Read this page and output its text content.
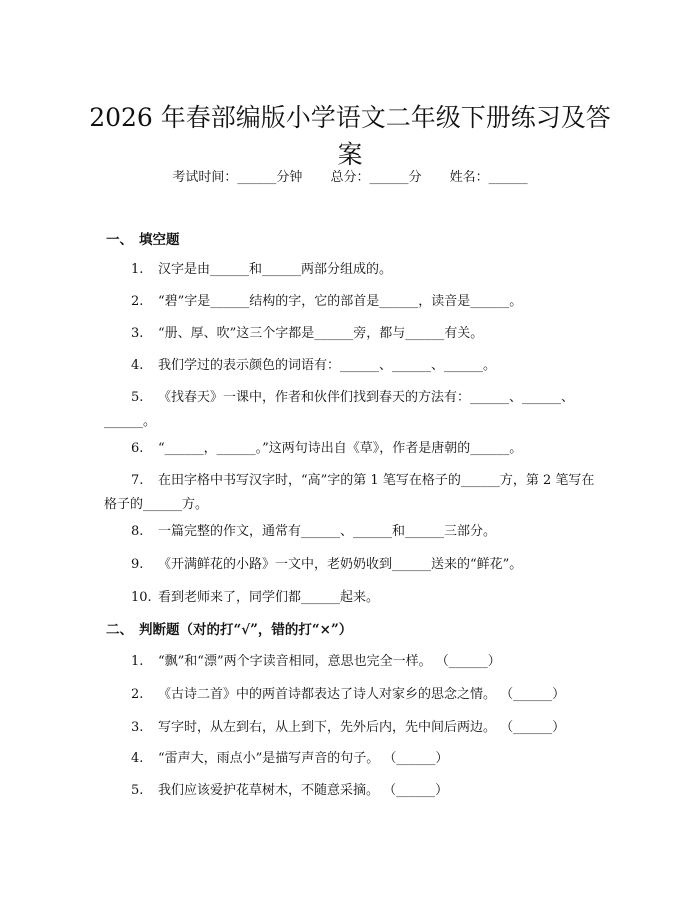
2026 年春部编版小学语文二年级下册练习及答案
考试时间：______分钟 总分：______分 姓名：______
一、 填空题
1. 汉字是由______和______两部分组成的。
2. “碧”字是______结构的字，它的部首是______，读音是______。
3. “册、厚、吹”这三个字都是______旁，都与______有关。
4. 我们学过的表示颜色的词语有：______、______、______。
5. 《找春天》一课中，作者和伙伴们找到春天的方法有：______、______、______。
6. “______，______。”这两句诗出自《草》，作者是唐朝的______。
7. 在田字格中书写汉字时，“高”字的第 1 笔写在格子的______方，第 2 笔写在格子的______方。
8. 一篇完整的作文，通常有______、______和______三部分。
9. 《开满鲜花的小路》一文中，老奶奶收到______送来的“鲜花”。
10. 看到老师来了，同学们都______起来。
二、 判断题（对的打“√”，错的打“×”）
1. “飘”和“漂”两个字读音相同，意思也完全一样。 （______）
2. 《古诗二首》中的两首诗都表达了诗人对家乡的思念之情。 （______）
3. 写字时，从左到右，从上到下，先外后内，先中间后两边。 （______）
4. “雷声大，雨点小”是描写声音的句子。 （______）
5. 我们应该爱护花草树木，不随意采摘。 （______）
